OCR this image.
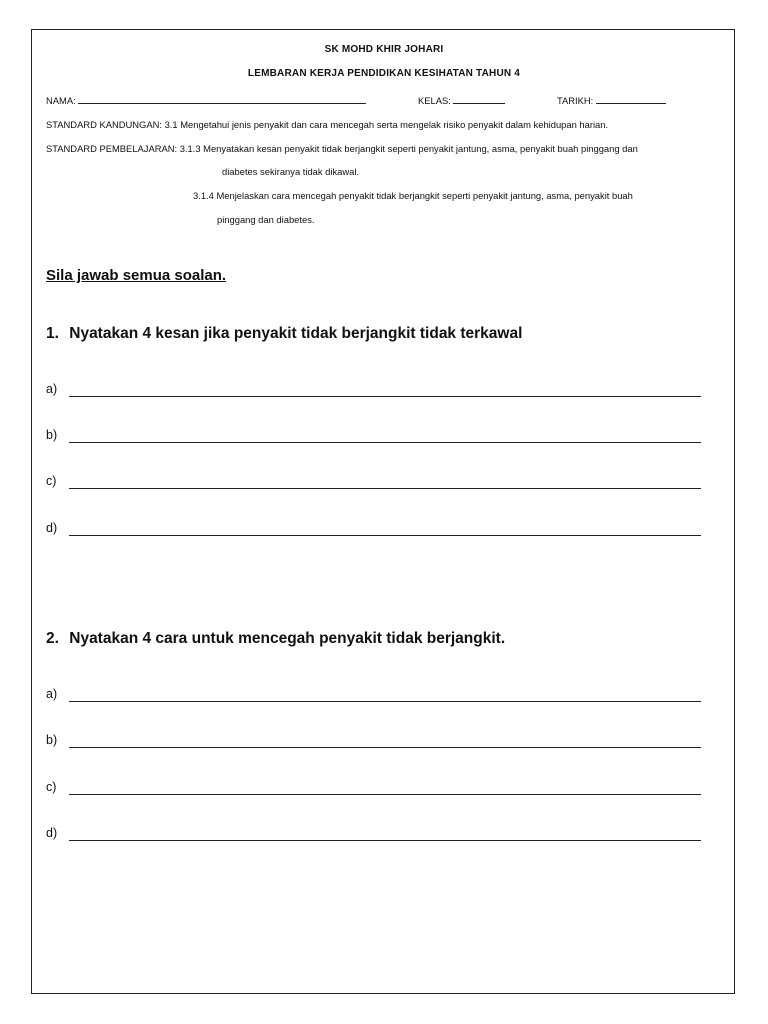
SK MOHD KHIR JOHARI
LEMBARAN KERJA PENDIDIKAN KESIHATAN TAHUN 4
NAMA:	KELAS:	TARIKH:
STANDARD KANDUNGAN: 3.1 Mengetahui jenis penyakit dan cara mencegah serta mengelak risiko penyakit dalam kehidupan harian.
STANDARD PEMBELAJARAN: 3.1.3 Menyatakan kesan penyakit tidak berjangkit seperti penyakit jantung, asma, penyakit buah pinggang dan
diabetes sekiranya tidak dikawal.
3.1.4 Menjelaskan cara mencegah penyakit tidak berjangkit seperti penyakit jantung, asma, penyakit buah
pinggang dan diabetes.
Sila jawab semua soalan.
1. Nyatakan 4 kesan jika penyakit tidak berjangkit tidak terkawal
a)
b)
c)
d)
2. Nyatakan 4 cara untuk mencegah penyakit tidak berjangkit.
a)
b)
c)
d)
